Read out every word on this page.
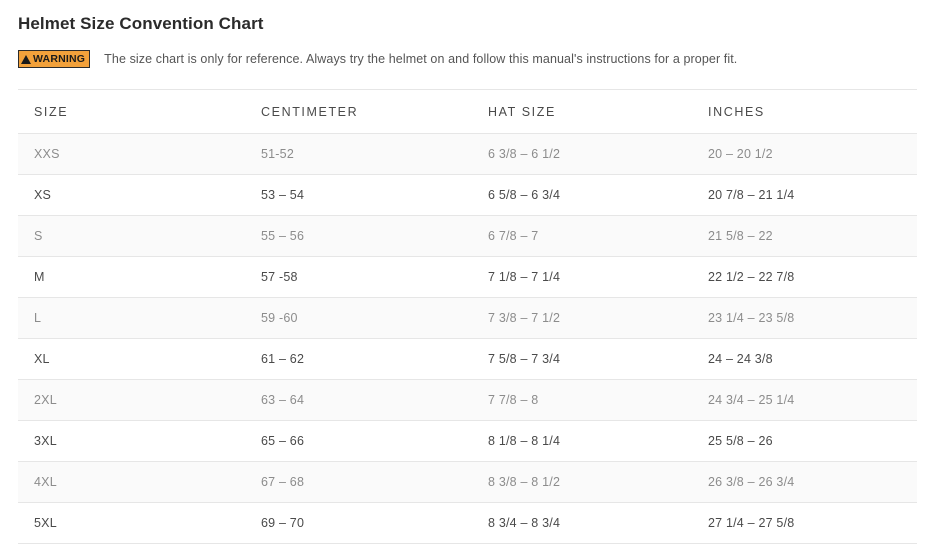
Helmet Size Convention Chart
WARNING The size chart is only for reference. Always try the helmet on and follow this manual's instructions for a proper fit.
SIZE	CENTIMETER	HAT SIZE	INCHES
XXS	51-52	6 3/8 – 6 1/2	20 – 20 1/2
XS	53 – 54	6 5/8 – 6 3/4	20 7/8 – 21 1/4
S	55 – 56	6 7/8 – 7	21 5/8 – 22
M	57 -58	7 1/8 – 7 1/4	22 1/2 – 22 7/8
L	59 -60	7 3/8 – 7 1/2	23 1/4 – 23 5/8
XL	61 – 62	7 5/8 – 7 3/4	24 – 24 3/8
2XL	63 – 64	7 7/8 – 8	24 3/4 – 25 1/4
3XL	65 – 66	8 1/8 – 8 1/4	25 5/8 – 26
4XL	67 – 68	8 3/8 – 8 1/2	26 3/8 – 26 3/4
5XL	69 – 70	8 3/4 – 8 3/4	27 1/4 – 27 5/8
